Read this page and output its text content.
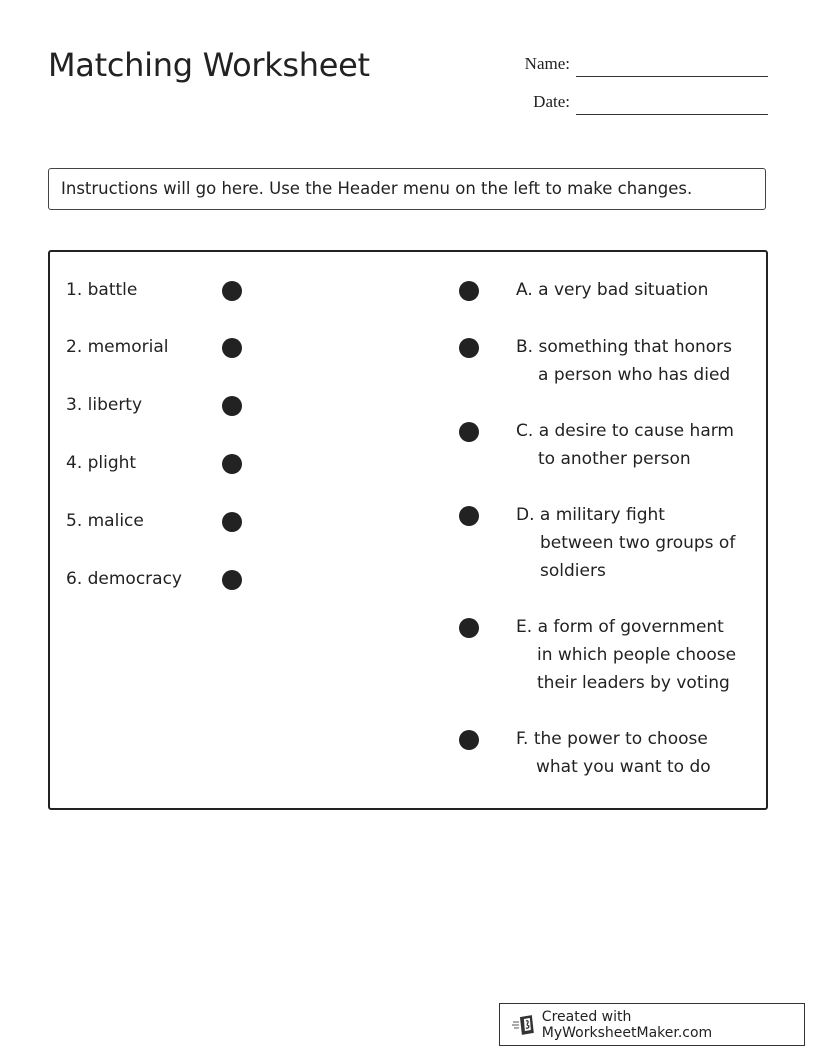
Matching Worksheet	Name:
Date:
Instructions will go here. Use the Header menu on the left to make changes.
1. battle
2. memorial
3. liberty
4. plight
5. malice
6. democracy
A. a very bad situation
B. something that honors
a person who has died
C. a desire to cause harm
to another person
D. a military fight
between two groups of
soldiers
E. a form of government
in which people choose
their leaders by voting
F. the power to choose
what you want to do
Created with MyWorksheetMaker.com
